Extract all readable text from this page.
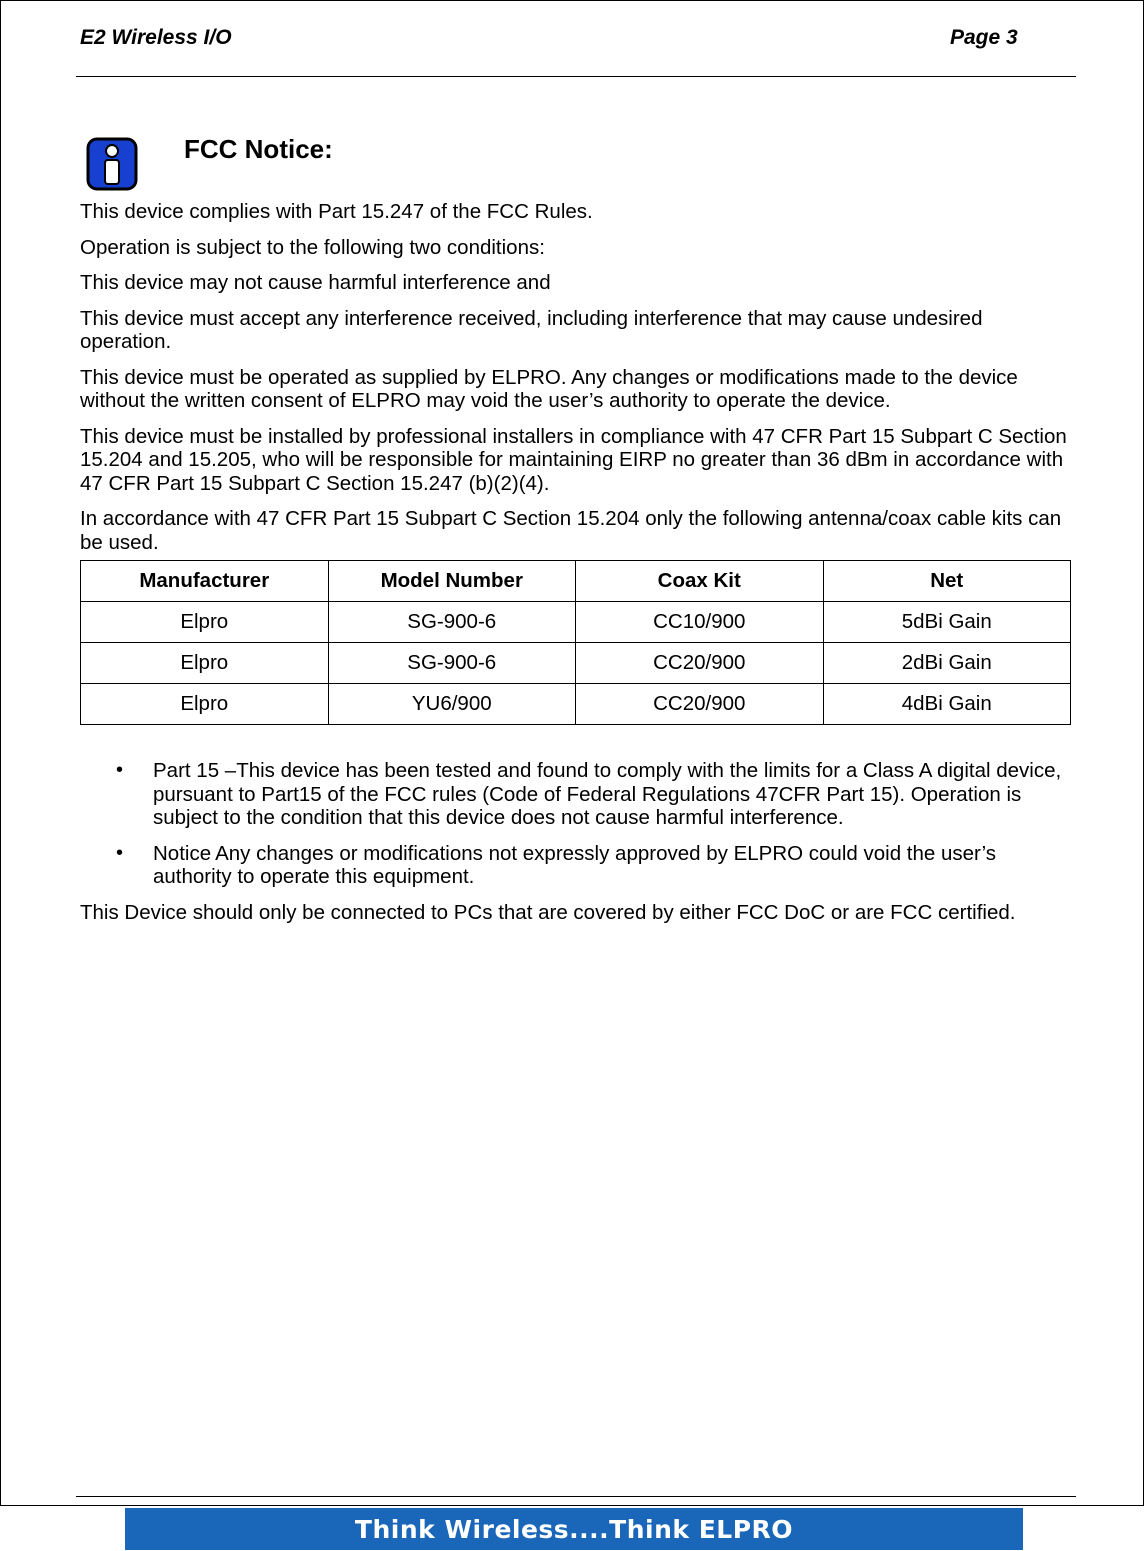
E2 Wireless I/O	Page 3
FCC Notice:

This device complies with Part 15.247 of the FCC Rules.

Operation is subject to the following two conditions:

This device may not cause harmful interference and

This device must accept any interference received, including interference that may cause undesired operation.

This device must be operated as supplied by ELPRO. Any changes or modifications made to the device without the written consent of ELPRO may void the user’s authority to operate the device.

This device must be installed by professional installers in compliance with 47 CFR Part 15 Subpart C Section 15.204 and 15.205, who will be responsible for maintaining EIRP no greater than 36 dBm in accordance with 47 CFR Part 15 Subpart C Section 15.247 (b)(2)(4).

In accordance with 47 CFR Part 15 Subpart C Section 15.204 only the following antenna/coax cable kits can be used.

Manufacturer	Model Number	Coax Kit	Net
Elpro	SG-900-6	CC10/900	5dBi Gain
Elpro	SG-900-6	CC20/900	2dBi Gain
Elpro	YU6/900	CC20/900	4dBi Gain
• Part 15 –This device has been tested and found to comply with the limits for a Class A digital device, pursuant to Part15 of the FCC rules (Code of Federal Regulations 47CFR Part 15). Operation is subject to the condition that this device does not cause harmful interference.
• Notice Any changes or modifications not expressly approved by ELPRO could void the user’s authority to operate this equipment.

This Device should only be connected to PCs that are covered by either FCC DoC or are FCC certified.

Think Wireless....Think ELPRO
